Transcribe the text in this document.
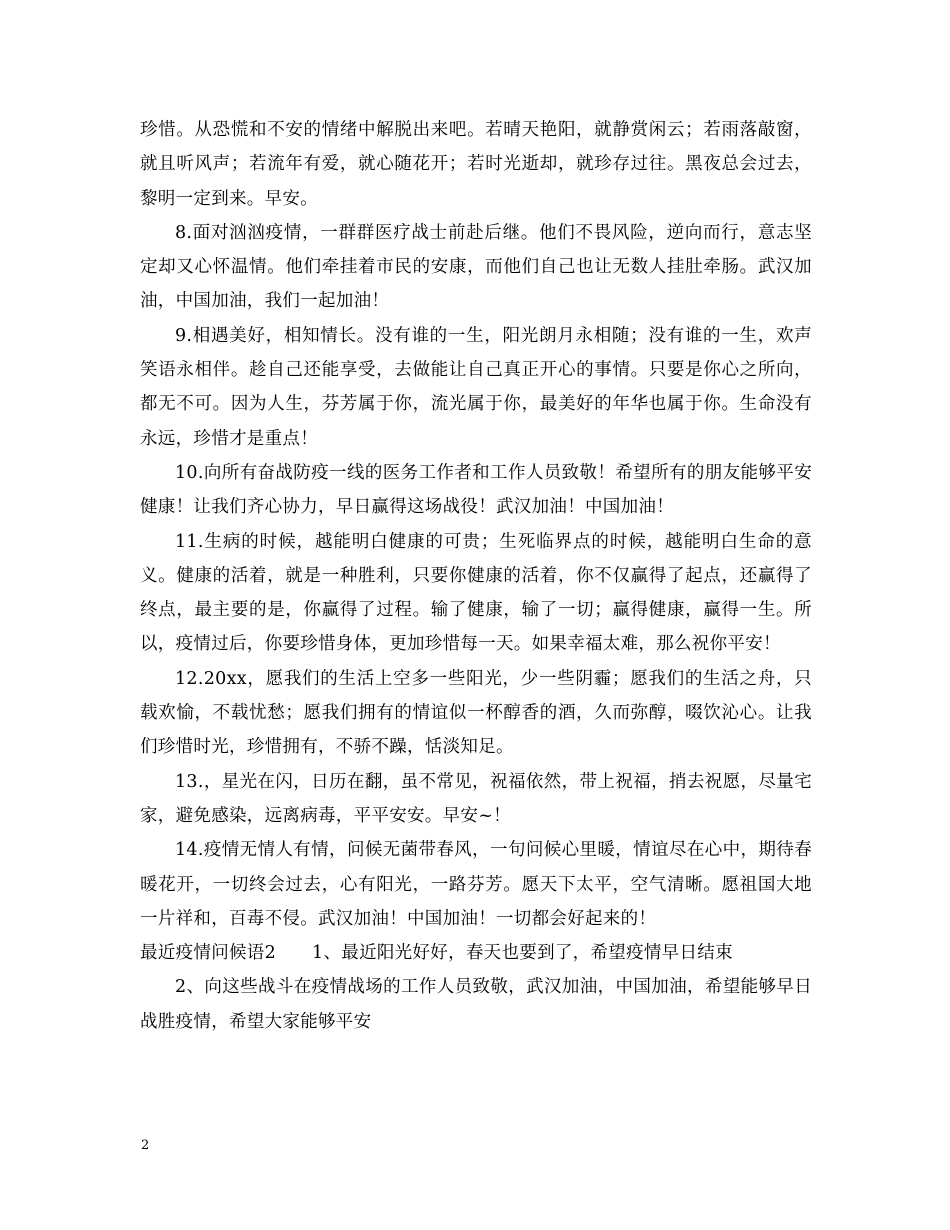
珍惜。从恐慌和不安的情绪中解脱出来吧。若晴天艳阳，就静赏闲云；若雨落敲窗，就且听风声；若流年有爱，就心随花开；若时光逝却，就珍存过往。黑夜总会过去，黎明一定到来。早安。

8.面对汹汹疫情，一群群医疗战士前赴后继。他们不畏风险，逆向而行，意志坚定却又心怀温情。他们牵挂着市民的安康，而他们自己也让无数人挂肚牵肠。武汉加油，中国加油，我们一起加油！

9.相遇美好，相知情长。没有谁的一生，阳光朗月永相随；没有谁的一生，欢声笑语永相伴。趁自己还能享受，去做能让自己真正开心的事情。只要是你心之所向，都无不可。因为人生，芬芳属于你，流光属于你，最美好的年华也属于你。生命没有永远，珍惜才是重点！

10.向所有奋战防疫一线的医务工作者和工作人员致敬！希望所有的朋友能够平安健康！让我们齐心协力，早日赢得这场战役！武汉加油！中国加油！

11.生病的时候，越能明白健康的可贵；生死临界点的时候，越能明白生命的意义。健康的活着，就是一种胜利，只要你健康的活着，你不仅赢得了起点，还赢得了终点，最主要的是，你赢得了过程。输了健康，输了一切；赢得健康，赢得一生。所以，疫情过后，你要珍惜身体，更加珍惜每一天。如果幸福太难，那么祝你平安！

12.20xx，愿我们的生活上空多一些阳光，少一些阴霾；愿我们的生活之舟，只载欢愉，不载忧愁；愿我们拥有的情谊似一杯醇香的酒，久而弥醇，啜饮沁心。让我们珍惜时光，珍惜拥有，不骄不躁，恬淡知足。

13.，星光在闪，日历在翻，虽不常见，祝福依然，带上祝福，捎去祝愿，尽量宅家，避免感染，远离病毒，平平安安。早安~！

14.疫情无情人有情，问候无菌带春风，一句问候心里暖，情谊尽在心中，期待春暖花开，一切终会过去，心有阳光，一路芬芳。愿天下太平，空气清晰。愿祖国大地一片祥和，百毒不侵。武汉加油！中国加油！一切都会好起来的！

最近疫情问候语2 1、最近阳光好好，春天也要到了，希望疫情早日结束

2、向这些战斗在疫情战场的工作人员致敬，武汉加油，中国加油，希望能够早日战胜疫情，希望大家能够平安

2
